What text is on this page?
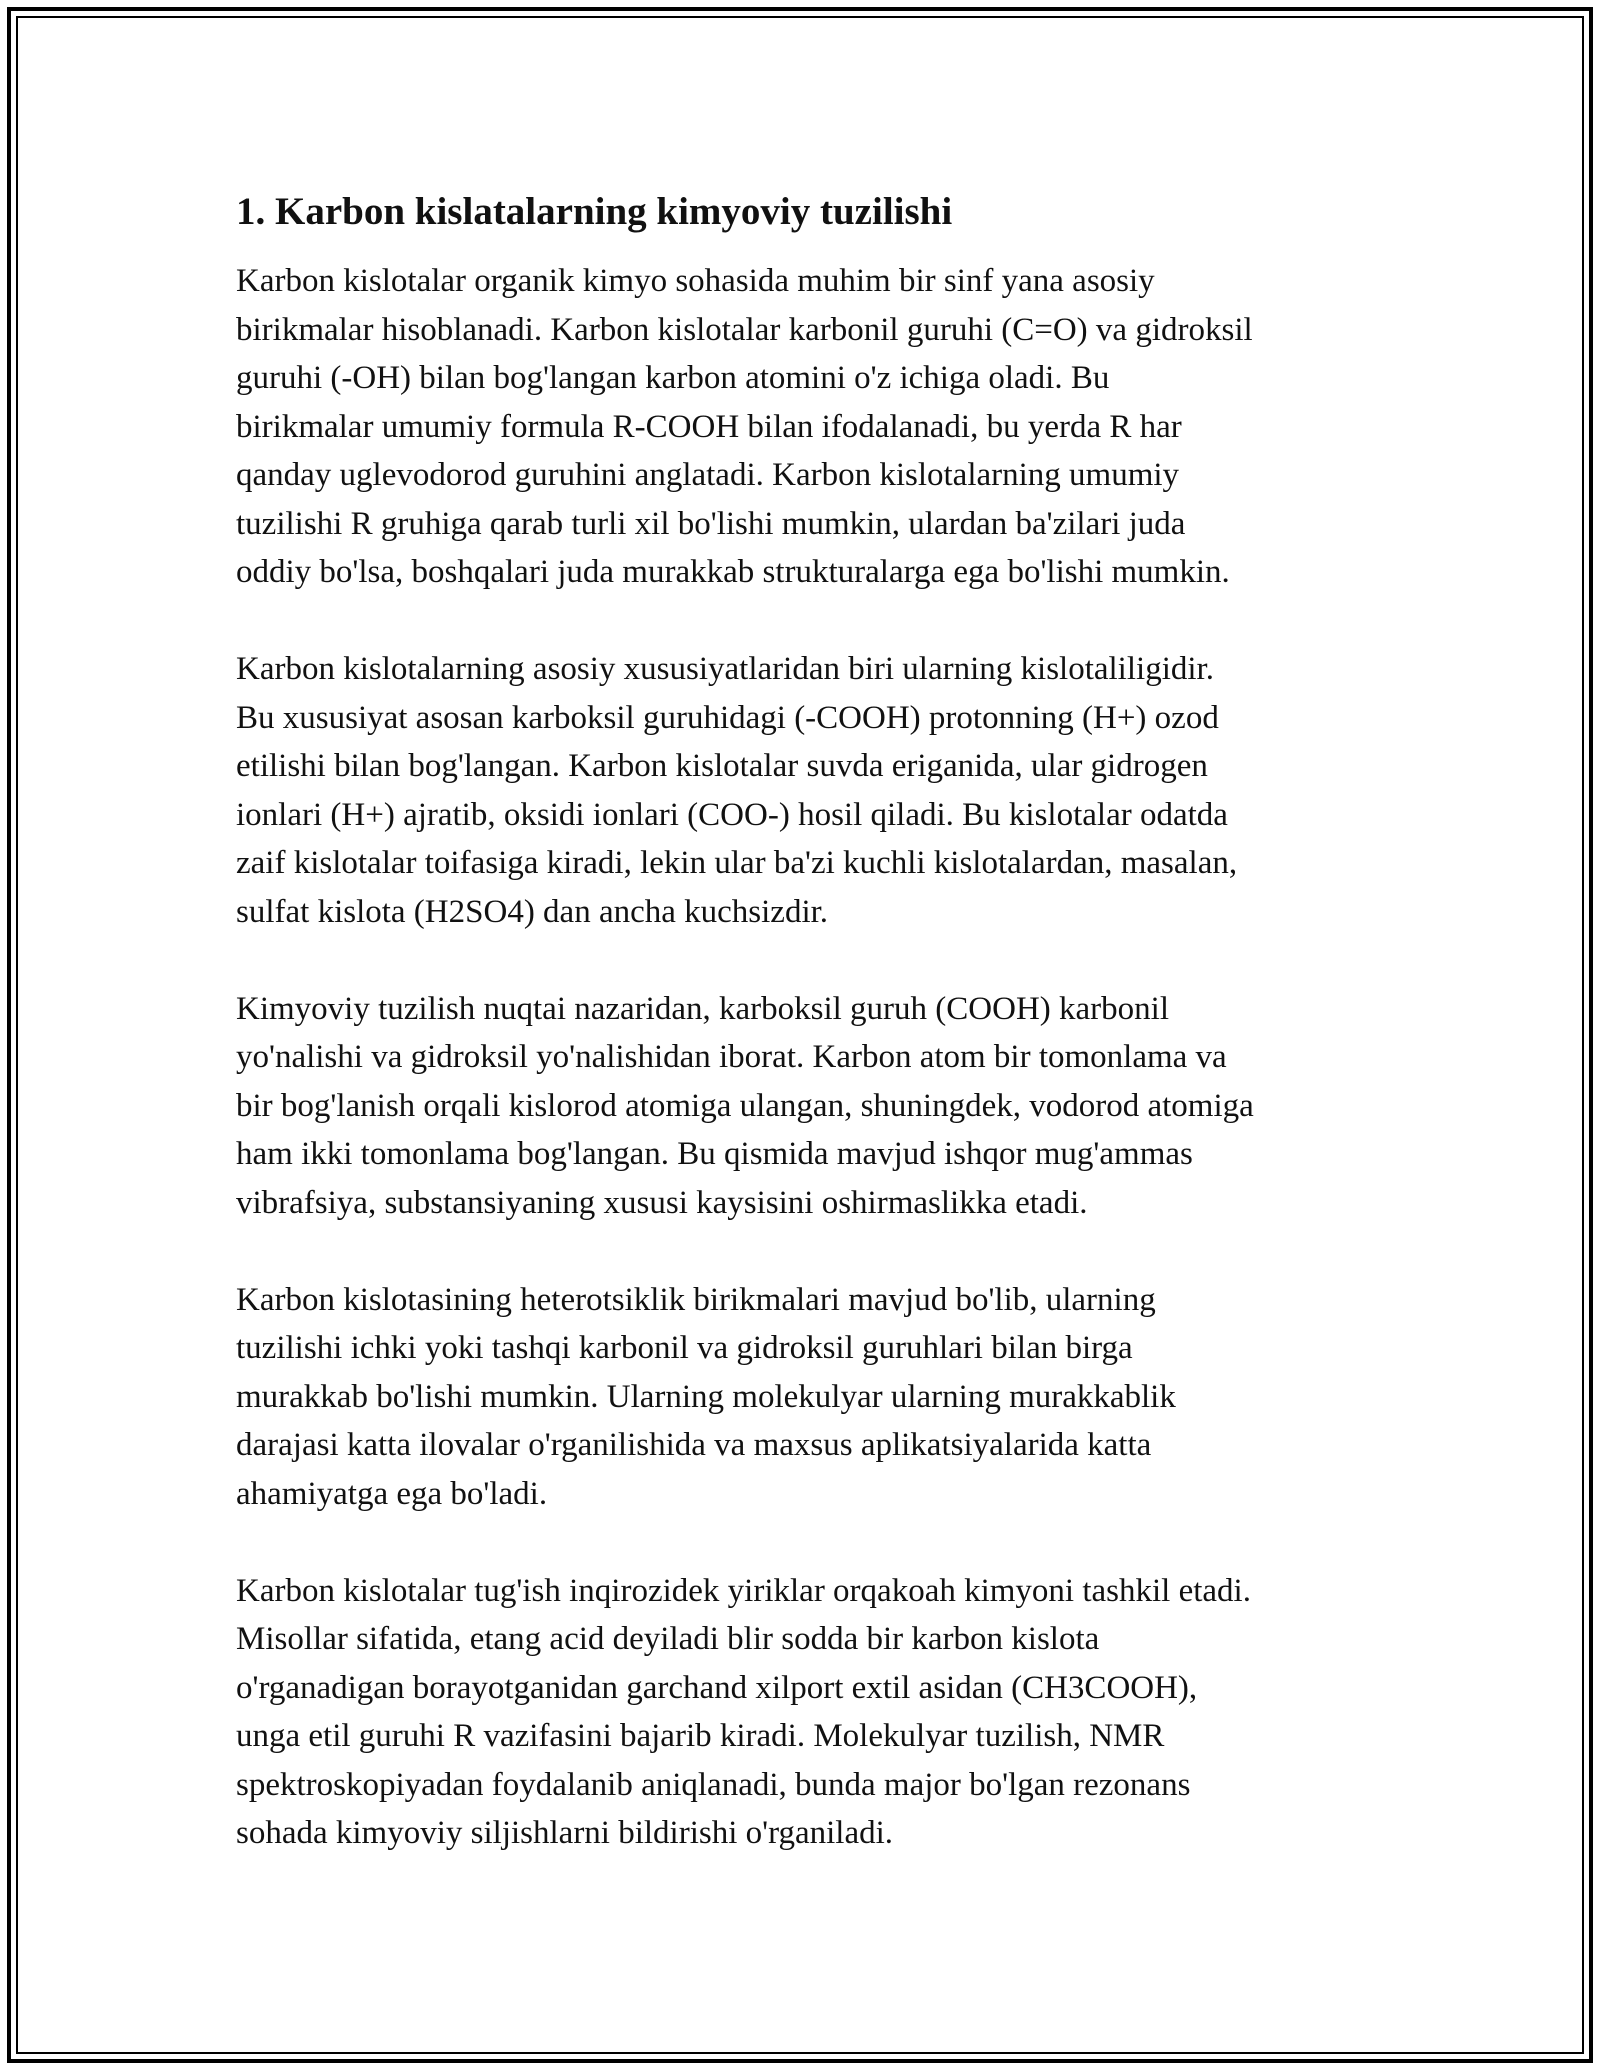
1. Karbon kislatalarning kimyoviy tuzilishi
Karbon kislotalar organik kimyo sohasida muhim bir sinf yana asosiy
birikmalar hisoblanadi. Karbon kislotalar karbonil guruhi (C=O) va gidroksil
guruhi (-OH) bilan bog'langan karbon atomini o'z ichiga oladi. Bu
birikmalar umumiy formula R-COOH bilan ifodalanadi, bu yerda R har
qanday uglevodorod guruhini anglatadi. Karbon kislotalarning umumiy
tuzilishi R gruhiga qarab turli xil bo'lishi mumkin, ulardan ba'zilari juda
oddiy bo'lsa, boshqalari juda murakkab strukturalarga ega bo'lishi mumkin.
Karbon kislotalarning asosiy xususiyatlaridan biri ularning kislotaliligidir.
Bu xususiyat asosan karboksil guruhidagi (-COOH) protonning (H+) ozod
etilishi bilan bog'langan. Karbon kislotalar suvda eriganida, ular gidrogen
ionlari (H+) ajratib, oksidi ionlari (COO-) hosil qiladi. Bu kislotalar odatda
zaif kislotalar toifasiga kiradi, lekin ular ba'zi kuchli kislotalardan, masalan,
sulfat kislota (H2SO4) dan ancha kuchsizdir.
Kimyoviy tuzilish nuqtai nazaridan, karboksil guruh (COOH) karbonil
yo'nalishi va gidroksil yo'nalishidan iborat. Karbon atom bir tomonlama va
bir bog'lanish orqali kislorod atomiga ulangan, shuningdek, vodorod atomiga
ham ikki tomonlama bog'langan. Bu qismida mavjud ishqor mug'ammas
vibrafsiya, substansiyaning xususi kaysisini oshirmaslikka etadi.
Karbon kislotasining heterotsiklik birikmalari mavjud bo'lib, ularning
tuzilishi ichki yoki tashqi karbonil va gidroksil guruhlari bilan birga
murakkab bo'lishi mumkin. Ularning molekulyar ularning murakkablik
darajasi katta ilovalar o'rganilishida va maxsus aplikatsiyalarida katta
ahamiyatga ega bo'ladi.
Karbon kislotalar tug'ish inqirozidek yiriklar orqakoah kimyoni tashkil etadi.
Misollar sifatida, etang acid deyiladi blir sodda bir karbon kislota
o'rganadigan borayotganidan garchand xilport extil asidan (CH3COOH),
unga etil guruhi R vazifasini bajarib kiradi. Molekulyar tuzilish, NMR
spektroskopiyadan foydalanib aniqlanadi, bunda major bo'lgan rezonans
sohada kimyoviy siljishlarni bildirishi o'rganiladi.
